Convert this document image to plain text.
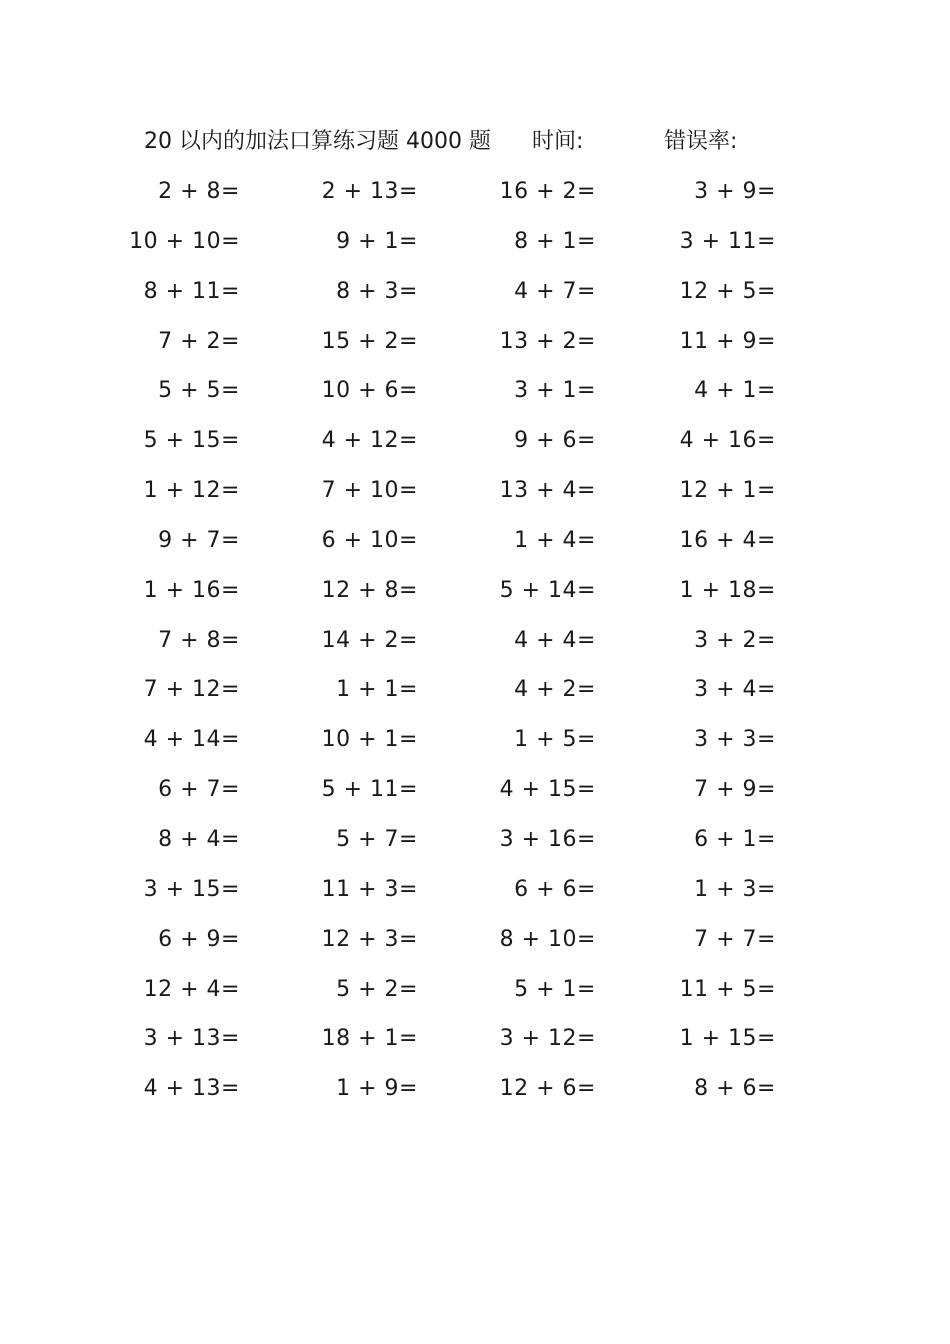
20 以内的加法口算练习题 4000 题 时间:	错误率:
2 + 8=	2 + 13=	16 + 2=	3 + 9=
10 + 10=	9 + 1=	8 + 1=	3 + 11=
8 + 11=	8 + 3=	4 + 7=	12 + 5=
7 + 2=	15 + 2=	13 + 2=	11 + 9=
5 + 5=	10 + 6=	3 + 1=	4 + 1=
5 + 15=	4 + 12=	9 + 6=	4 + 16=
1 + 12=	7 + 10=	13 + 4=	12 + 1=
9 + 7=	6 + 10=	1 + 4=	16 + 4=
1 + 16=	12 + 8=	5 + 14=	1 + 18=
7 + 8=	14 + 2=	4 + 4=	3 + 2=
7 + 12=	1 + 1=	4 + 2=	3 + 4=
4 + 14=	10 + 1=	1 + 5=	3 + 3=
6 + 7=	5 + 11=	4 + 15=	7 + 9=
8 + 4=	5 + 7=	3 + 16=	6 + 1=
3 + 15=	11 + 3=	6 + 6=	1 + 3=
6 + 9=	12 + 3=	8 + 10=	7 + 7=
12 + 4=	5 + 2=	5 + 1=	11 + 5=
3 + 13=	18 + 1=	3 + 12=	1 + 15=
4 + 13=	1 + 9=	12 + 6=	8 + 6=
